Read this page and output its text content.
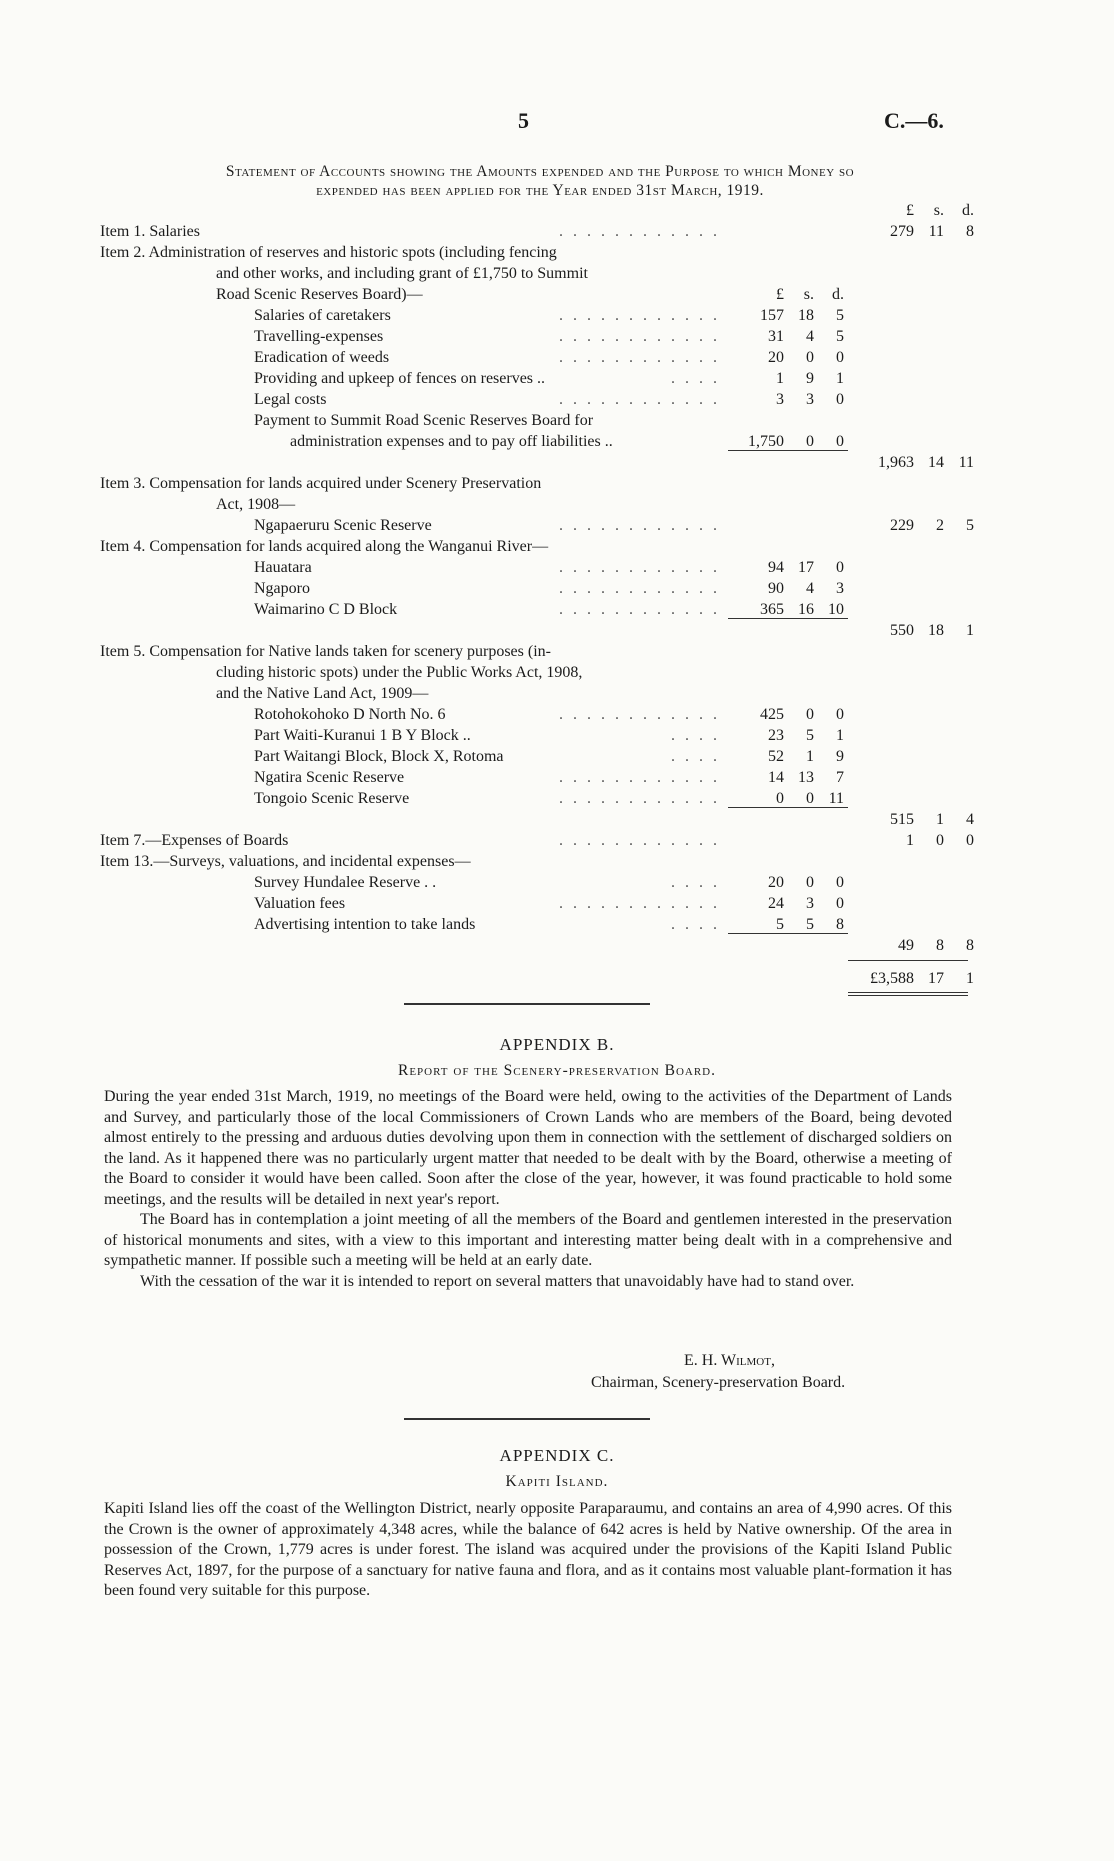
5	C.—6.
Statement of Accounts showing the Amounts expended and the Purpose to which Money so
expended has been applied for the Year ended 31st March, 1919.
£	s.	d.
Item 1. Salaries	. . . . . . . . . . . .	279 11	8
Item 2. Administration of reserves and historic spots (including fencing
and other works, and including grant of £1,750 to Summit
Road Scenic Reserves Board)—	£	s.	d.
Salaries of caretakers	. . . . . . . . . . . .	157 18	5
Travelling-expenses	. . . . . . . . . . . .	31	4	5
Eradication of weeds	. . . . . . . . . . . .	20	0	0
Providing and upkeep of fences on reserves ..	. . . .	1	9	1
Legal costs	. . . . . . . . . . . .	3	3	0
Payment to Summit Road Scenic Reserves Board for
administration expenses and to pay off liabilities ..	1,750	0	0
1,963 14 11
Item 3. Compensation for lands acquired under Scenery Preservation
Act, 1908—
Ngapaeruru Scenic Reserve	. . . . . . . . . . . .	229	2	5
Item 4. Compensation for lands acquired along the Wanganui River—
Hauatara	. . . . . . . . . . . .	94 17	0
Ngaporo	. . . . . . . . . . . .	90	4	3
Waimarino C D Block	. . . . . . . . . . . .	365 16 10
550 18	1
Item 5. Compensation for Native lands taken for scenery purposes (in-
cluding historic spots) under the Public Works Act, 1908,
and the Native Land Act, 1909—
Rotohokohoko D North No. 6	. . . . . . . . . . . .	425	0	0
Part Waiti-Kuranui 1 B Y Block ..	. . . .	23	5	1
Part Waitangi Block, Block X, Rotoma	. . . .	52	1	9
Ngatira Scenic Reserve	. . . . . . . . . . . .	14 13	7
Tongoio Scenic Reserve	. . . . . . . . . . . .	0	0 11
515	1	4
Item 7.—Expenses of Boards	. . . . . . . . . . . .	1	0	0
Item 13.—Surveys, valuations, and incidental expenses—
Survey Hundalee Reserve . .	. . . .	20	0	0
Valuation fees	. . . . . . . . . . . .	24	3	0
Advertising intention to take lands	. . . .	5	5	8
49	8	8
£3,588 17	1
APPENDIX B.
Report of the Scenery-preservation Board.

During the year ended 31st March, 1919, no meetings of the Board were held, owing to the activities of the Department of Lands and Survey, and particularly those of the local Commissioners of Crown Lands who are members of the Board, being devoted almost entirely to the pressing and arduous duties devolving upon them in connection with the settlement of discharged soldiers on the land. As it happened there was no particularly urgent matter that needed to be dealt with by the Board, otherwise a meeting of the Board to consider it would have been called. Soon after the close of the year, however, it was found practicable to hold some meetings, and the results will be detailed in next year's report.

The Board has in contemplation a joint meeting of all the members of the Board and gentlemen interested in the preservation of historical monuments and sites, with a view to this important and interesting matter being dealt with in a comprehensive and sympathetic manner. If possible such a meeting will be held at an early date.

With the cessation of the war it is intended to report on several matters that unavoidably have had to stand over.

E. H. Wilmot,
Chairman, Scenery-preservation Board.
APPENDIX C.
Kapiti Island.

Kapiti Island lies off the coast of the Wellington District, nearly opposite Paraparaumu, and contains an area of 4,990 acres. Of this the Crown is the owner of approximately 4,348 acres, while the balance of 642 acres is held by Native ownership. Of the area in possession of the Crown, 1,779 acres is under forest. The island was acquired under the provisions of the Kapiti Island Public Reserves Act, 1897, for the purpose of a sanctuary for native fauna and flora, and as it contains most valuable plant-formation it has been found very suitable for this purpose.
